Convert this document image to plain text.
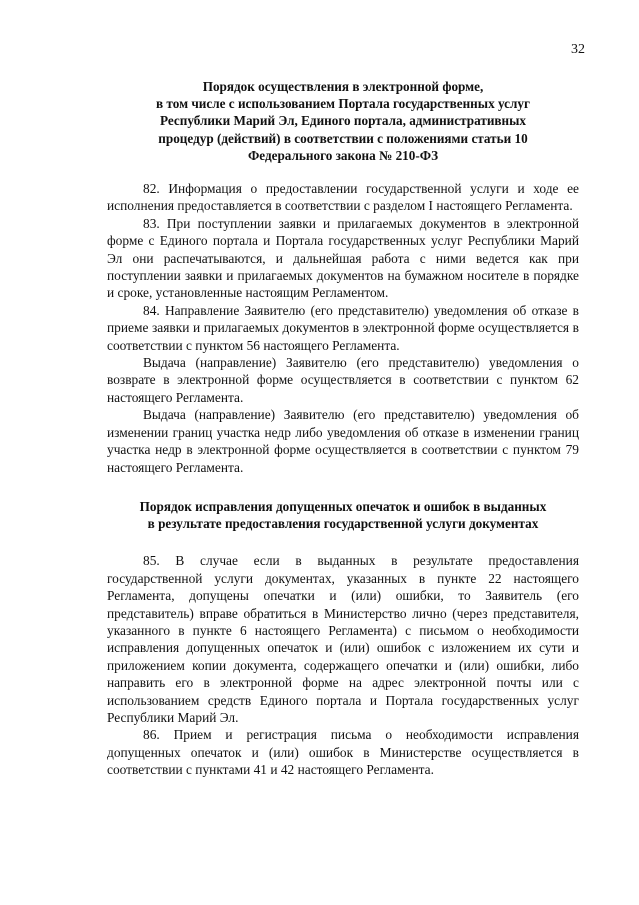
32
Порядок осуществления в электронной форме,
в том числе с использованием Портала государственных услуг
Республики Марий Эл, Единого портала, административных
процедур (действий) в соответствии с положениями статьи 10
Федерального закона № 210-ФЗ

82. Информация о предоставлении государственной услуги и ходе ее исполнения предоставляется в соответствии с разделом I настоящего Регламента.

83. При поступлении заявки и прилагаемых документов в электронной форме с Единого портала и Портала государственных услуг Республики Марий Эл они распечатываются, и дальнейшая работа с ними ведется как при поступлении заявки и прилагаемых документов на бумажном носителе в порядке и сроке, установленные настоящим Регламентом.

84. Направление Заявителю (его представителю) уведомления об отказе в приеме заявки и прилагаемых документов в электронной форме осуществляется в соответствии с пунктом 56 настоящего Регламента.

Выдача (направление) Заявителю (его представителю) уведомления о возврате в электронной форме осуществляется в соответствии с пунктом 62 настоящего Регламента.

Выдача (направление) Заявителю (его представителю) уведомления об изменении границ участка недр либо уведомления об отказе в изменении границ участка недр в электронной форме осуществляется в соответствии с пунктом 79 настоящего Регламента.

Порядок исправления допущенных опечаток и ошибок в выданных
в результате предоставления государственной услуги документах

85. В случае если в выданных в результате предоставления государственной услуги документах, указанных в пункте 22 настоящего Регламента, допущены опечатки и (или) ошибки, то Заявитель (его представитель) вправе обратиться в Министерство лично (через представителя, указанного в пункте 6 настоящего Регламента) с письмом о необходимости исправления допущенных опечаток и (или) ошибок с изложением их сути и приложением копии документа, содержащего опечатки и (или) ошибки, либо направить его в электронной форме на адрес электронной почты или с использованием средств Единого портала и Портала государственных услуг Республики Марий Эл.

86. Прием и регистрация письма о необходимости исправления допущенных опечаток и (или) ошибок в Министерстве осуществляется в соответствии с пунктами 41 и 42 настоящего Регламента.
